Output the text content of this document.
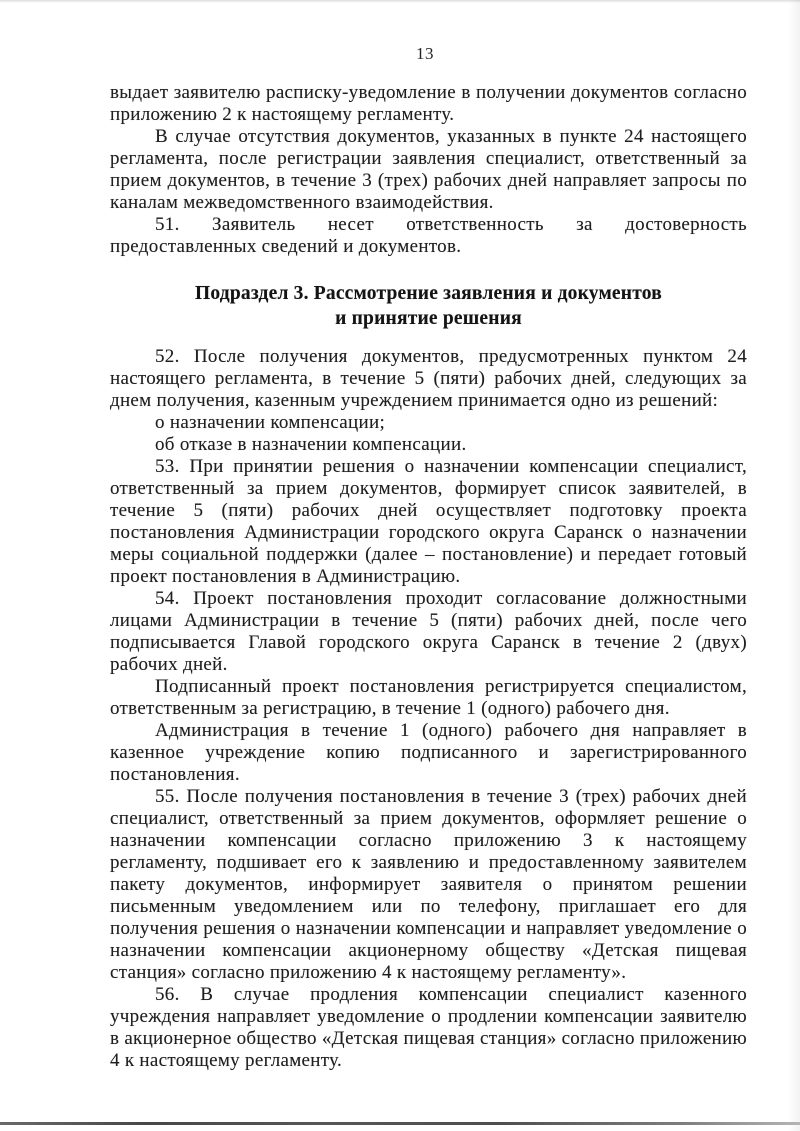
13

выдает заявителю расписку-уведомление в получении документов согласно приложению 2 к настоящему регламенту.

В случае отсутствия документов, указанных в пункте 24 настоящего регламента, после регистрации заявления специалист, ответственный за прием документов, в течение 3 (трех) рабочих дней направляет запросы по каналам межведомственного взаимодействия.

51. Заявитель несет ответственность за достоверность предоставленных сведений и документов.

Подраздел 3. Рассмотрение заявления и документов
и принятие решения

52. После получения документов, предусмотренных пунктом 24 настоящего регламента, в течение 5 (пяти) рабочих дней, следующих за днем получения, казенным учреждением принимается одно из решений:

о назначении компенсации;

об отказе в назначении компенсации.

53. При принятии решения о назначении компенсации специалист, ответственный за прием документов, формирует список заявителей, в течение 5 (пяти) рабочих дней осуществляет подготовку проекта постановления Администрации городского округа Саранск о назначении меры социальной поддержки (далее – постановление) и передает готовый проект постановления в Администрацию.

54. Проект постановления проходит согласование должностными лицами Администрации в течение 5 (пяти) рабочих дней, после чего подписывается Главой городского округа Саранск в течение 2 (двух) рабочих дней.

Подписанный проект постановления регистрируется специалистом, ответственным за регистрацию, в течение 1 (одного) рабочего дня.

Администрация в течение 1 (одного) рабочего дня направляет в казенное учреждение копию подписанного и зарегистрированного постановления.

55. После получения постановления в течение 3 (трех) рабочих дней специалист, ответственный за прием документов, оформляет решение о назначении компенсации согласно приложению 3 к настоящему регламенту, подшивает его к заявлению и предоставленному заявителем пакету документов, информирует заявителя о принятом решении письменным уведомлением или по телефону, приглашает его для получения решения о назначении компенсации и направляет уведомление о назначении компенсации акционерному обществу «Детская пищевая станция» согласно приложению 4 к настоящему регламенту».

56. В случае продления компенсации специалист казенного учреждения направляет уведомление о продлении компенсации заявителю в акционерное общество «Детская пищевая станция» согласно приложению 4 к настоящему регламенту.
